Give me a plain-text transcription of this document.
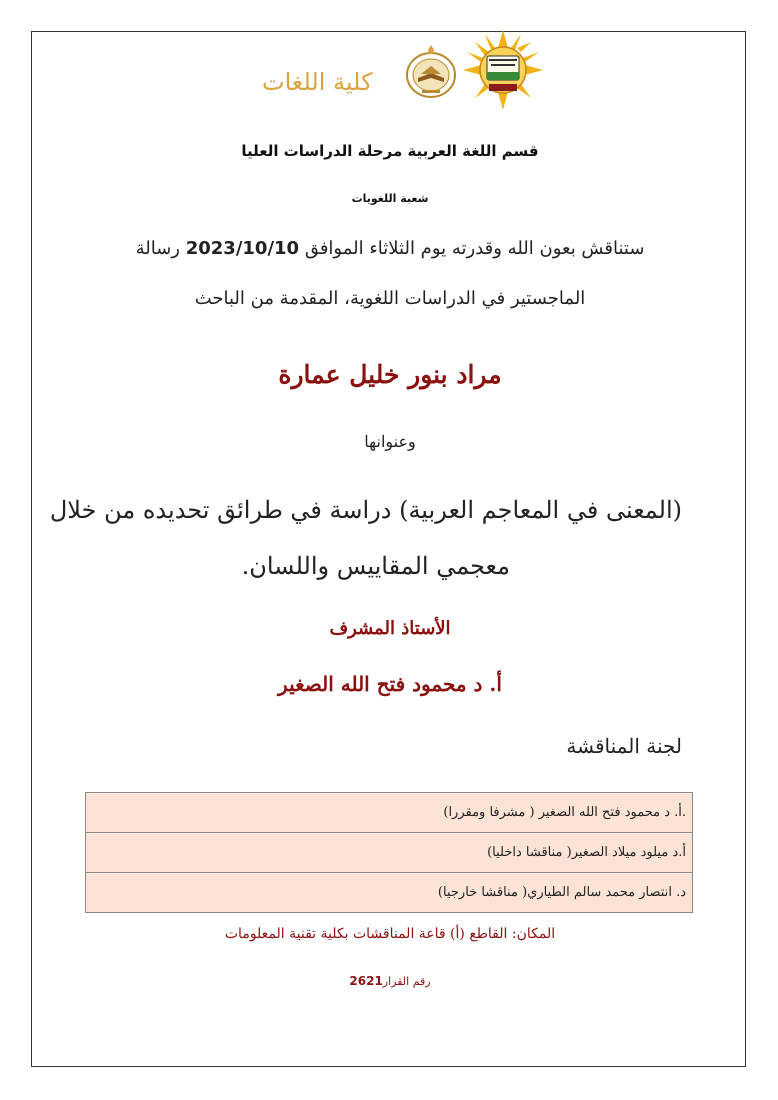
كلية اللغات
قسم اللغة العربية مرحلة الدراسات العليا
شعبة اللغويات
ستناقش بعون الله وقدرته يوم الثلاثاء الموافق 2023/10/10 رسالة
الماجستير في الدراسات اللغوية، المقدمة من الباحث
مراد بنور خليل عمارة
وعنوانها
(المعنى في المعاجم العربية) دراسة في طرائق تحديده من خلال
معجمي المقاييس واللسان.
الأستاذ المشرف
أ. د محمود فتح الله الصغير
لجنة المناقشة
.أ. د محمود فتح الله الصغير ( مشرفا ومقررا)
أ.د ميلود ميلاد الصغير( مناقشا داخليا)
د. انتصار محمد سالم الطياري( مناقشا خارجيا)
المكان: القاطع (أ) قاعة المناقشات بكلية تقنية المعلومات
رقم القرار2621
